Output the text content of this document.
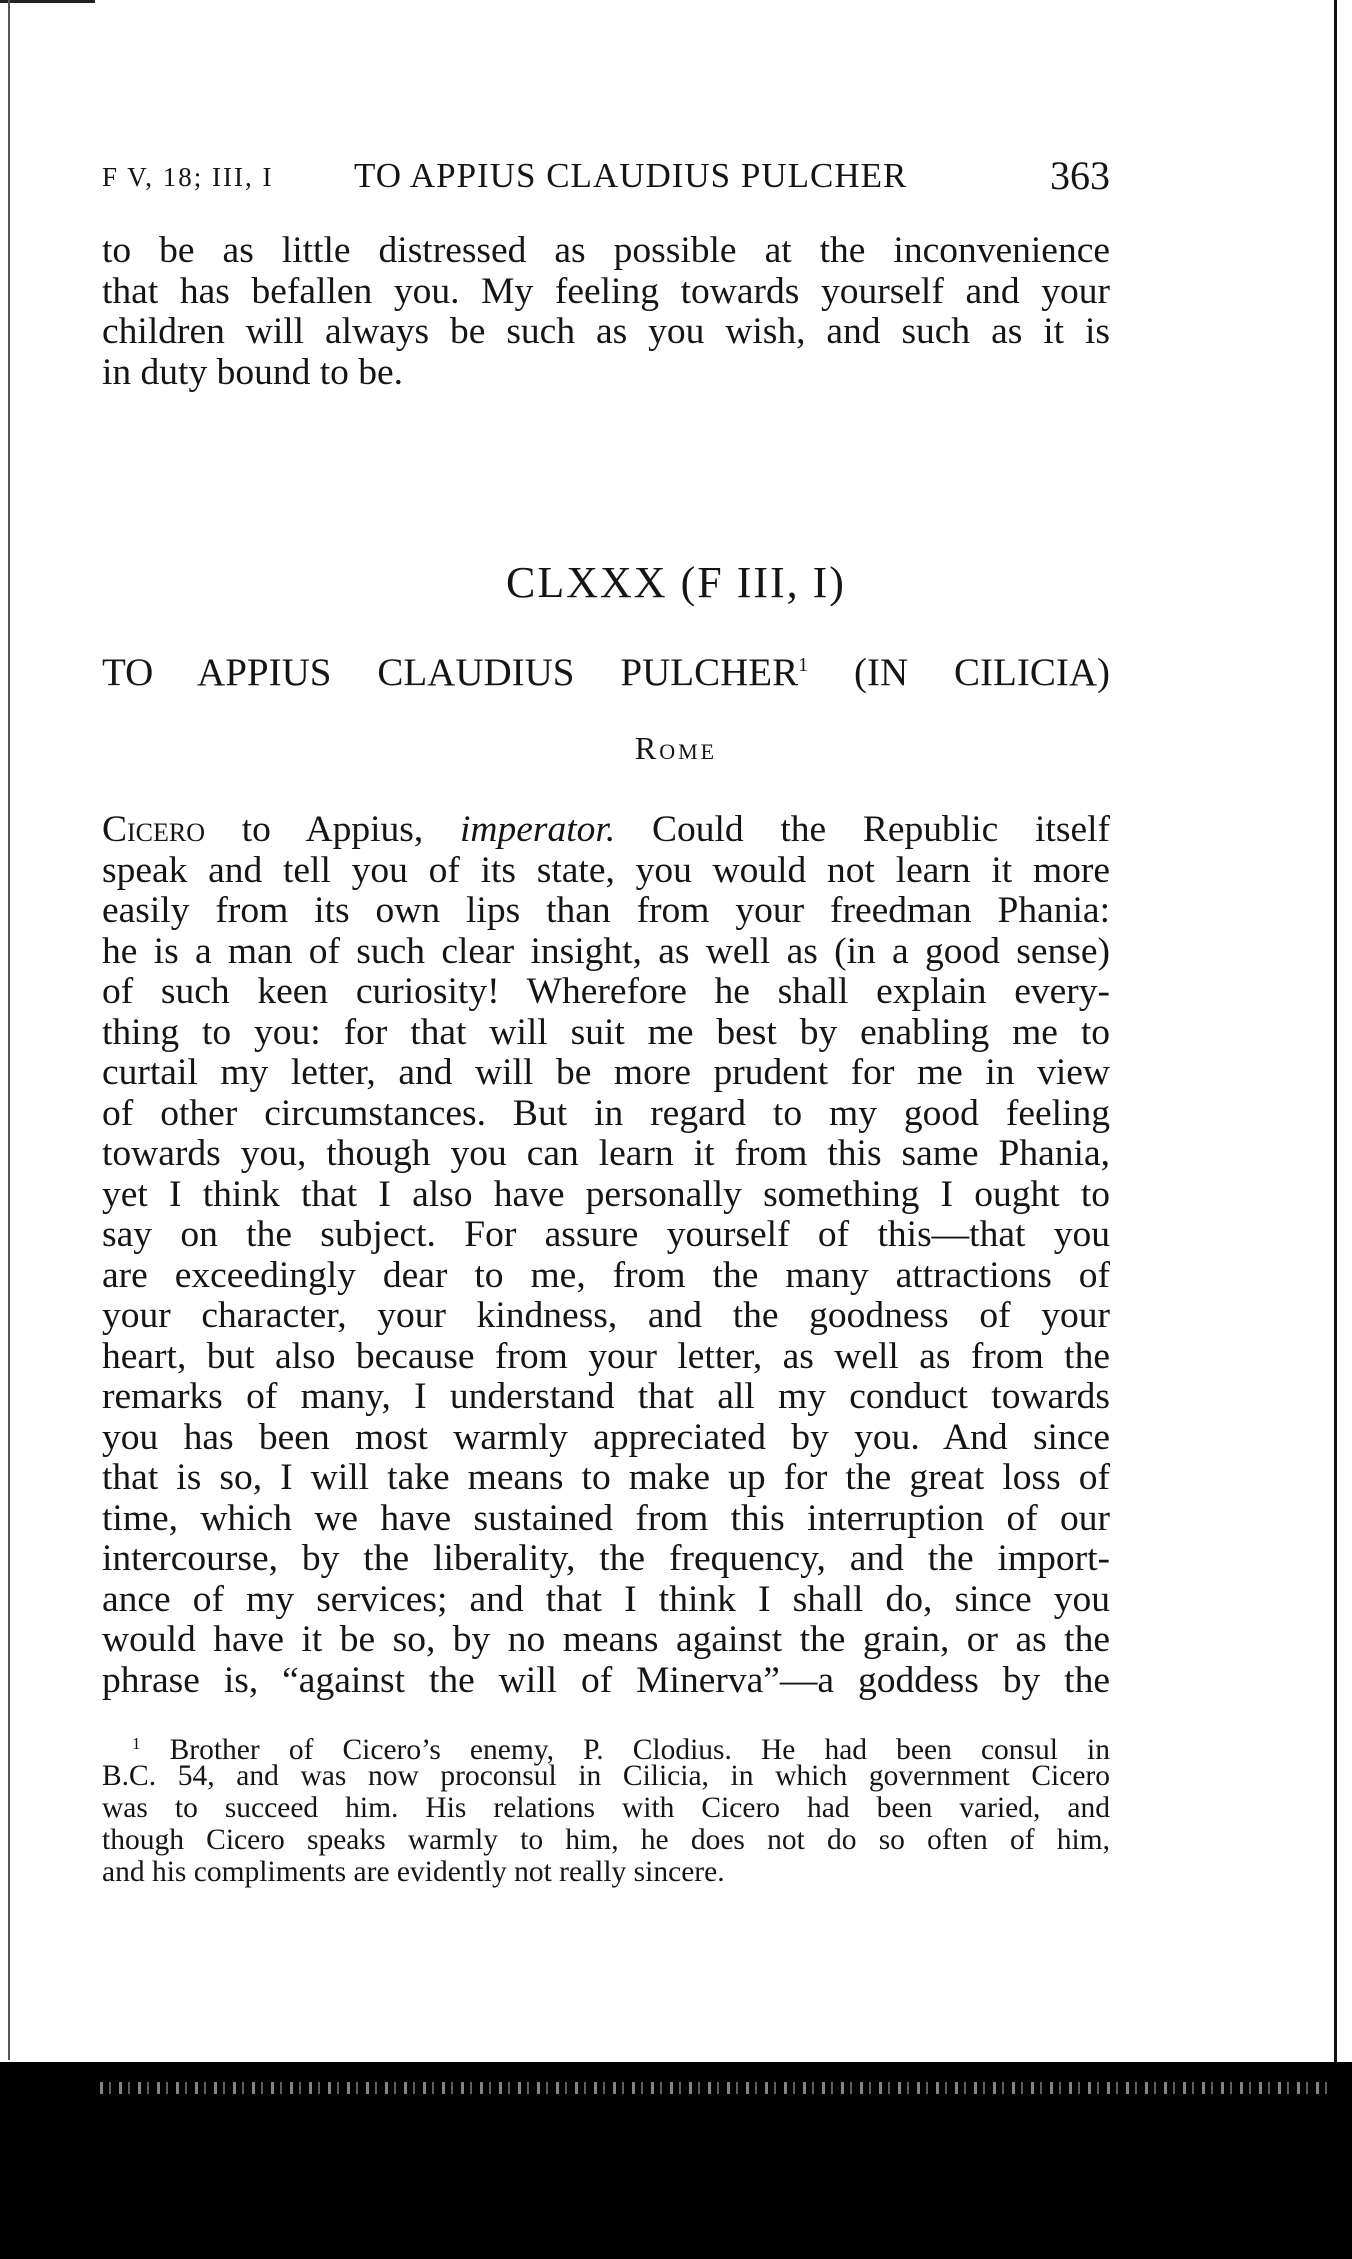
F V, 18; III, I TO APPIUS CLAUDIUS PULCHER	363
to be as little distressed as possible at the inconvenience
that has befallen you. My feeling towards yourself and your
children will always be such as you wish, and such as it is
in duty bound to be.
CLXXX (F III, I)
TO APPIUS CLAUDIUS PULCHER$^1$ (IN CILICIA)
Rome
Cicero to Appius, imperator. Could the Republic itself
speak and tell you of its state, you would not learn it more
easily from its own lips than from your freedman Phania:
he is a man of such clear insight, as well as (in a good sense)
of such keen curiosity! Wherefore he shall explain every-
thing to you: for that will suit me best by enabling me to
curtail my letter, and will be more prudent for me in view
of other circumstances. But in regard to my good feeling
towards you, though you can learn it from this same Phania,
yet I think that I also have personally something I ought to
say on the subject. For assure yourself of this—that you
are exceedingly dear to me, from the many attractions of
your character, your kindness, and the goodness of your
heart, but also because from your letter, as well as from the
remarks of many, I understand that all my conduct towards
you has been most warmly appreciated by you. And since
that is so, I will take means to make up for the great loss of
time, which we have sustained from this interruption of our
intercourse, by the liberality, the frequency, and the import-
ance of my services; and that I think I shall do, since you
would have it be so, by no means against the grain, or as the
phrase is, “against the will of Minerva”—a goddess by the
$^1$ Brother of Cicero’s enemy, P. Clodius. He had been consul in
B.C. 54, and was now proconsul in Cilicia, in which government Cicero
was to succeed him. His relations with Cicero had been varied, and
though Cicero speaks warmly to him, he does not do so often of him,
and his compliments are evidently not really sincere.
